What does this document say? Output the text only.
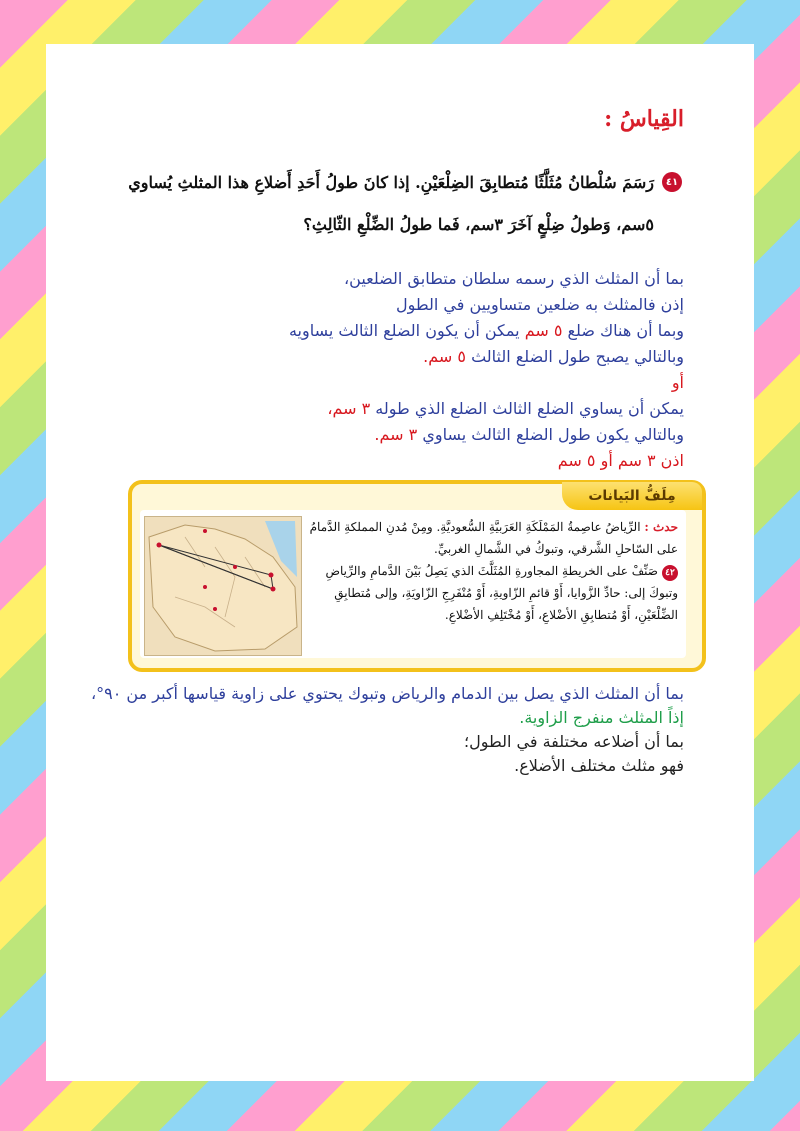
القِياسُ :
٤١
رَسَمَ سُلْطانُ مُثَلَّثًا مُتطابِقَ الضِلْعَيْنِ. إذا كانَ طولُ أَحَدِ أَضلاعِ هذا المثلثِ يُساوي ٥سم، وَطولُ ضِلْعٍ آخَرَ ٣سم، فَما طولُ الضِّلْعِ الثّالِثِ؟
بما أن المثلث الذي رسمه سلطان متطابق الضلعين،
إذن فالمثلث به ضلعين متساويين في الطول
وبما أن هناك ضلع ٥ سم يمكن أن يكون الضلع الثالث يساويه
وبالتالي يصبح طول الضلع الثالث ٥ سم.
أو
يمكن أن يساوي الضلع الثالث الضلع الذي طوله ٣ سم،
وبالتالي يكون طول الضلع الثالث يساوي ٣ سم.
اذن ٣ سم أو ٥ سم
مِلَفُّ البَيانات
حدث : الرِّياضُ عاصِمةُ المَمْلَكَةِ العَرَبيَّةِ السُّعوديَّةِ. ومِنْ مُدنِ المملكةِ الدَّمامُ على السّاحلِ الشَّرقي، وتبوكُ في الشَّمالِ الغربيِّ.
٤٢صَنِّفْ على الخريطةِ المجاورةِ المُثَلَّثَ الذي يَصِلُ بَيْنَ الدَّمامِ والرِّياضِ وتبوكَ إلى: حادِّ الزَّوايا، أَوْ قائمِ الزّاويةِ، أَوْ مُنْفَرِجِ الزّاويَةِ، وإلى مُتطابِقِ الضِّلْعَيْنِ، أَوْ مُتطابِقِ الأضْلاعِ، أَوْ مُخْتَلِفِ الأضْلاعِ.
بما أن المثلث الذي يصل بين الدمام والرياض وتبوك يحتوي على زاوية قياسها أكبر من ٩٠°،
إذاً المثلث منفرج الزاوية.
بما أن أضلاعه مختلفة في الطول؛
فهو مثلث مختلف الأضلاع.
